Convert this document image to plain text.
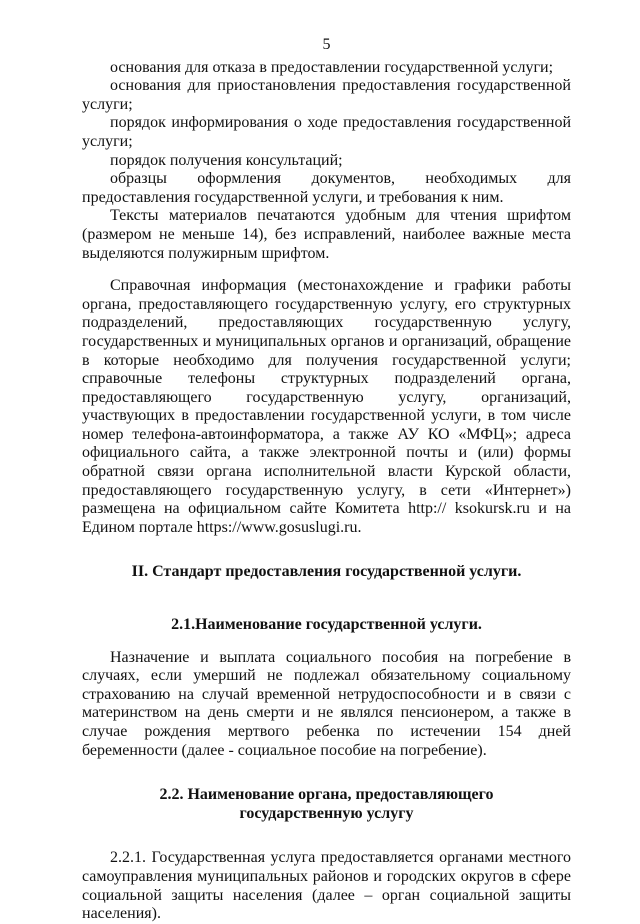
5

основания для отказа в предоставлении государственной услуги;

основания для приостановления предоставления государственной услуги;

порядок информирования о ходе предоставления государственной услуги;

порядок получения консультаций;

образцы оформления документов, необходимых для предоставления государственной услуги, и требования к ним.

Тексты материалов печатаются удобным для чтения шрифтом (размером не меньше 14), без исправлений, наиболее важные места выделяются полужирным шрифтом.

Справочная информация (местонахождение и графики работы органа, предоставляющего государственную услугу, его структурных подразделений, предоставляющих государственную услугу, государственных и муниципальных органов и организаций, обращение в которые необходимо для получения государственной услуги; справочные телефоны структурных подразделений органа, предоставляющего государственную услугу, организаций, участвующих в предоставлении государственной услуги, в том числе номер телефона-автоинформатора, а также АУ КО «МФЦ»; адреса официального сайта, а также электронной почты и (или) формы обратной связи органа исполнительной власти Курской области, предоставляющего государственную услугу, в сети «Интернет») размещена на официальном сайте Комитета http:// ksokursk.ru и на Едином портале https://www.gosuslugi.ru.

II. Стандарт предоставления государственной услуги.
2.1.Наименование государственной услуги.

Назначение и выплата социального пособия на погребение в случаях, если умерший не подлежал обязательному социальному страхованию на случай временной нетрудоспособности и в связи с материнством на день смерти и не являлся пенсионером, а также в случае рождения мертвого ребенка по истечении 154 дней беременности (далее - социальное пособие на погребение).

2.2. Наименование органа, предоставляющего
государственную услугу

2.2.1. Государственная услуга предоставляется органами местного самоуправления муниципальных районов и городских округов в сфере социальной защиты населения (далее – орган социальной защиты населения).
